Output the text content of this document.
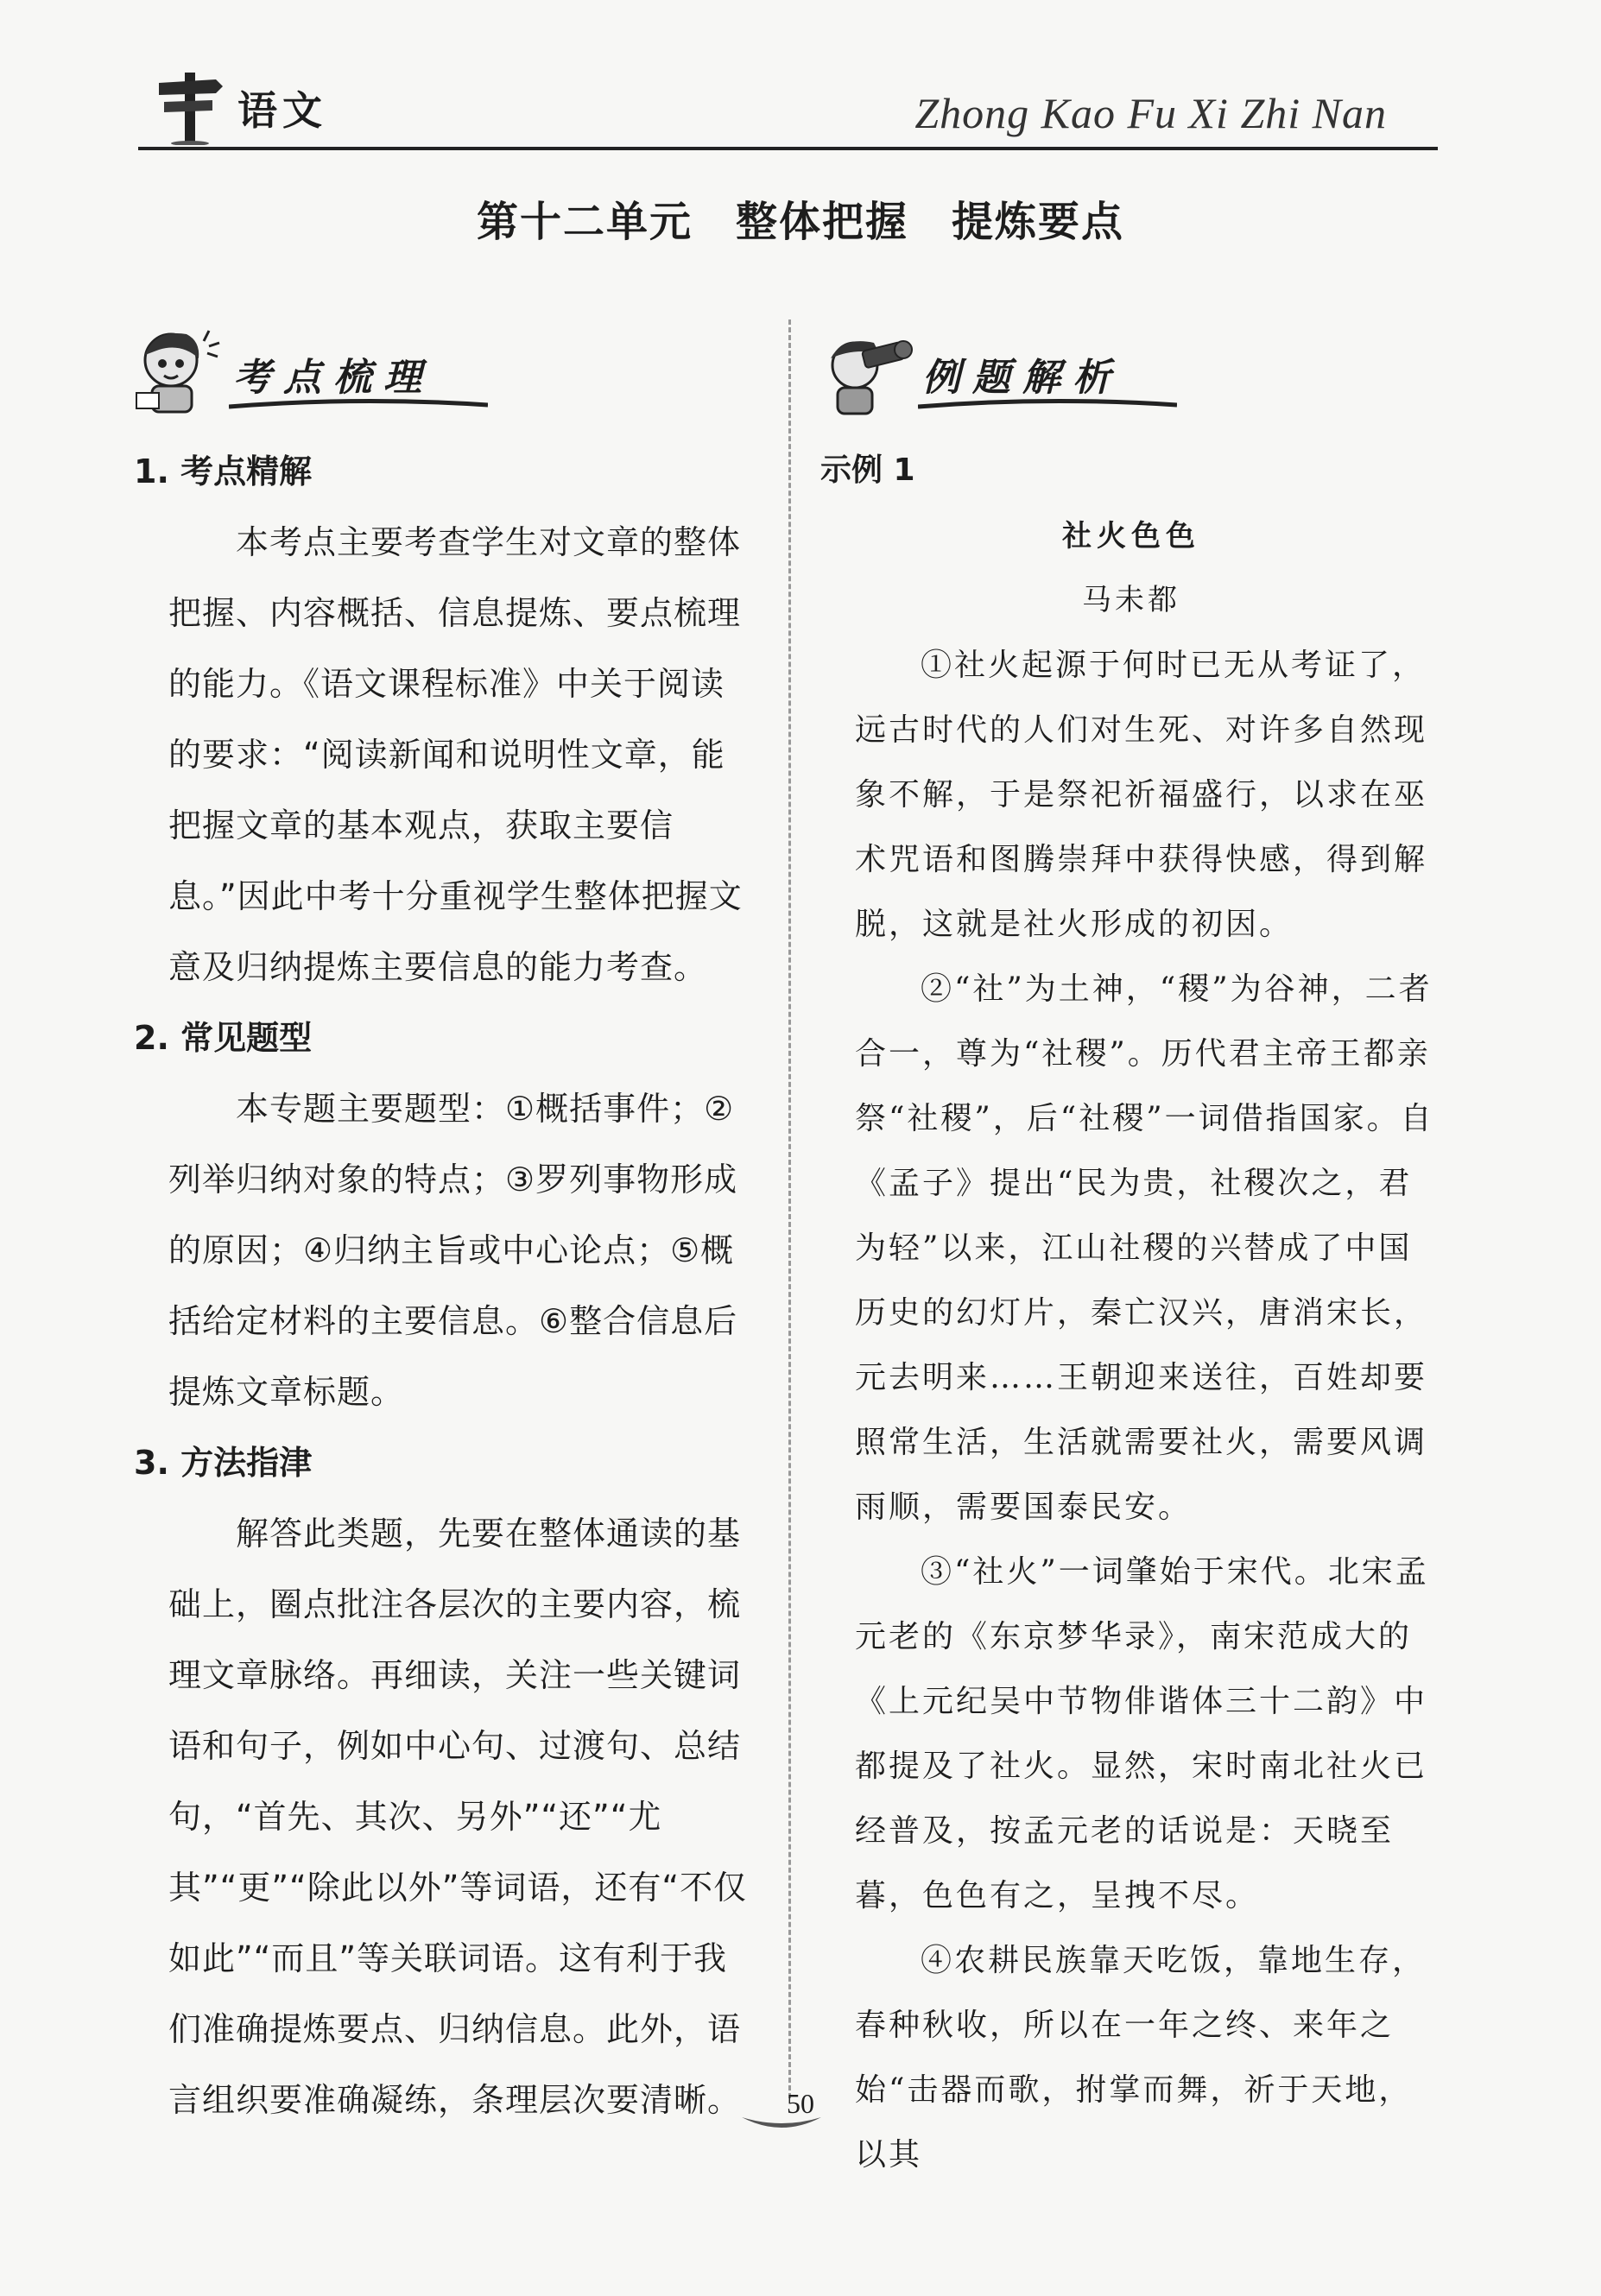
语文	Zhong Kao Fu Xi Zhi Nan
第十二单元　整体把握　提炼要点
考点梳理	例题解析
1. 考点精解

本考点主要考查学生对文章的整体把握、内容概括、信息提炼、要点梳理的能力。《语文课程标准》中关于阅读的要求：“阅读新闻和说明性文章，能把握文章的基本观点，获取主要信息。”因此中考十分重视学生整体把握文意及归纳提炼主要信息的能力考查。

2. 常见题型

本专题主要题型：①概括事件；②列举归纳对象的特点；③罗列事物形成的原因；④归纳主旨或中心论点；⑤概括给定材料的主要信息。⑥整合信息后提炼文章标题。

3. 方法指津

解答此类题，先要在整体通读的基础上，圈点批注各层次的主要内容，梳理文章脉络。再细读，关注一些关键词语和句子，例如中心句、过渡句、总结句，“首先、其次、另外”“还”“尤其”“更”“除此以外”等词语，还有“不仅如此”“而且”等关联词语。这有利于我们准确提炼要点、归纳信息。此外，语言组织要准确凝练，条理层次要清晰。

示例 1
社火色色
马未都

①社火起源于何时已无从考证了，远古时代的人们对生死、对许多自然现象不解，于是祭祀祈福盛行，以求在巫术咒语和图腾崇拜中获得快感，得到解脱，这就是社火形成的初因。

②“社”为土神，“稷”为谷神，二者合一，尊为“社稷”。历代君主帝王都亲祭“社稷”，后“社稷”一词借指国家。自《孟子》提出“民为贵，社稷次之，君为轻”以来，江山社稷的兴替成了中国历史的幻灯片，秦亡汉兴，唐消宋长，元去明来……王朝迎来送往，百姓却要照常生活，生活就需要社火，需要风调雨顺，需要国泰民安。

③“社火”一词肇始于宋代。北宋孟元老的《东京梦华录》，南宋范成大的《上元纪吴中节物俳谐体三十二韵》中都提及了社火。显然，宋时南北社火已经普及，按孟元老的话说是：天晓至暮，色色有之，呈拽不尽。

④农耕民族靠天吃饭，靠地生存，春种秋收，所以在一年之终、来年之始“击器而歌，拊掌而舞，祈于天地，以其

50
